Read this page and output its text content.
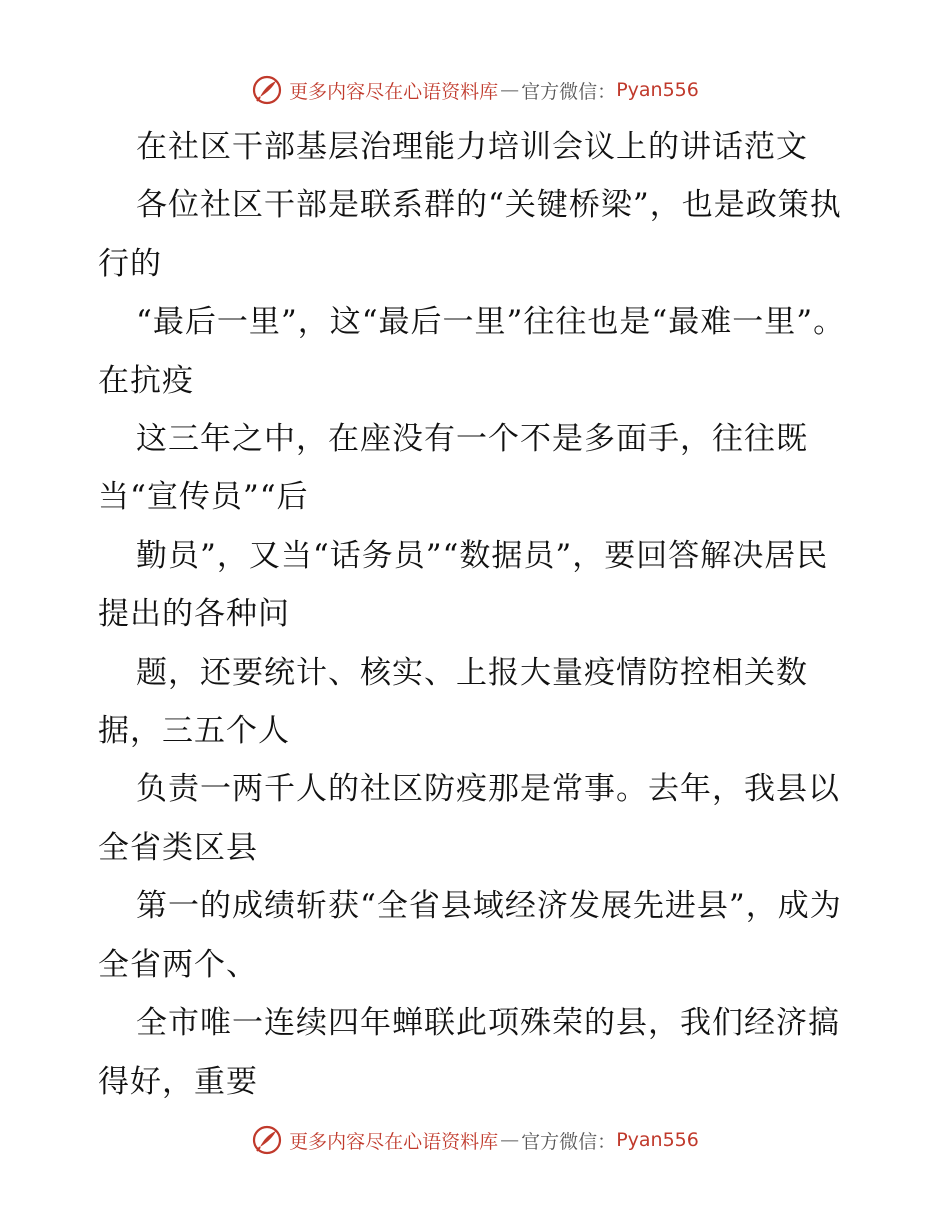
更多内容尽在心语资料库 — 官方微信： Pyan556

在社区干部基层治理能力培训会议上的讲话范文

各位社区干部是联系群的“关键桥梁”，也是政策执行的

“最后一里”，这“最后一里”往往也是“最难一里”。在抗疫

这三年之中，在座没有一个不是多面手，往往既当“宣传员”“后

勤员”，又当“话务员”“数据员”，要回答解决居民提出的各种问

题，还要统计、核实、上报大量疫情防控相关数据，三五个人

负责一两千人的社区防疫那是常事。去年，我县以全省类区县

第一的成绩斩获“全省县域经济发展先进县”，成为全省两个、

全市唯一连续四年蝉联此项殊荣的县，我们经济搞得好，重要

更多内容尽在心语资料库 — 官方微信： Pyan556
